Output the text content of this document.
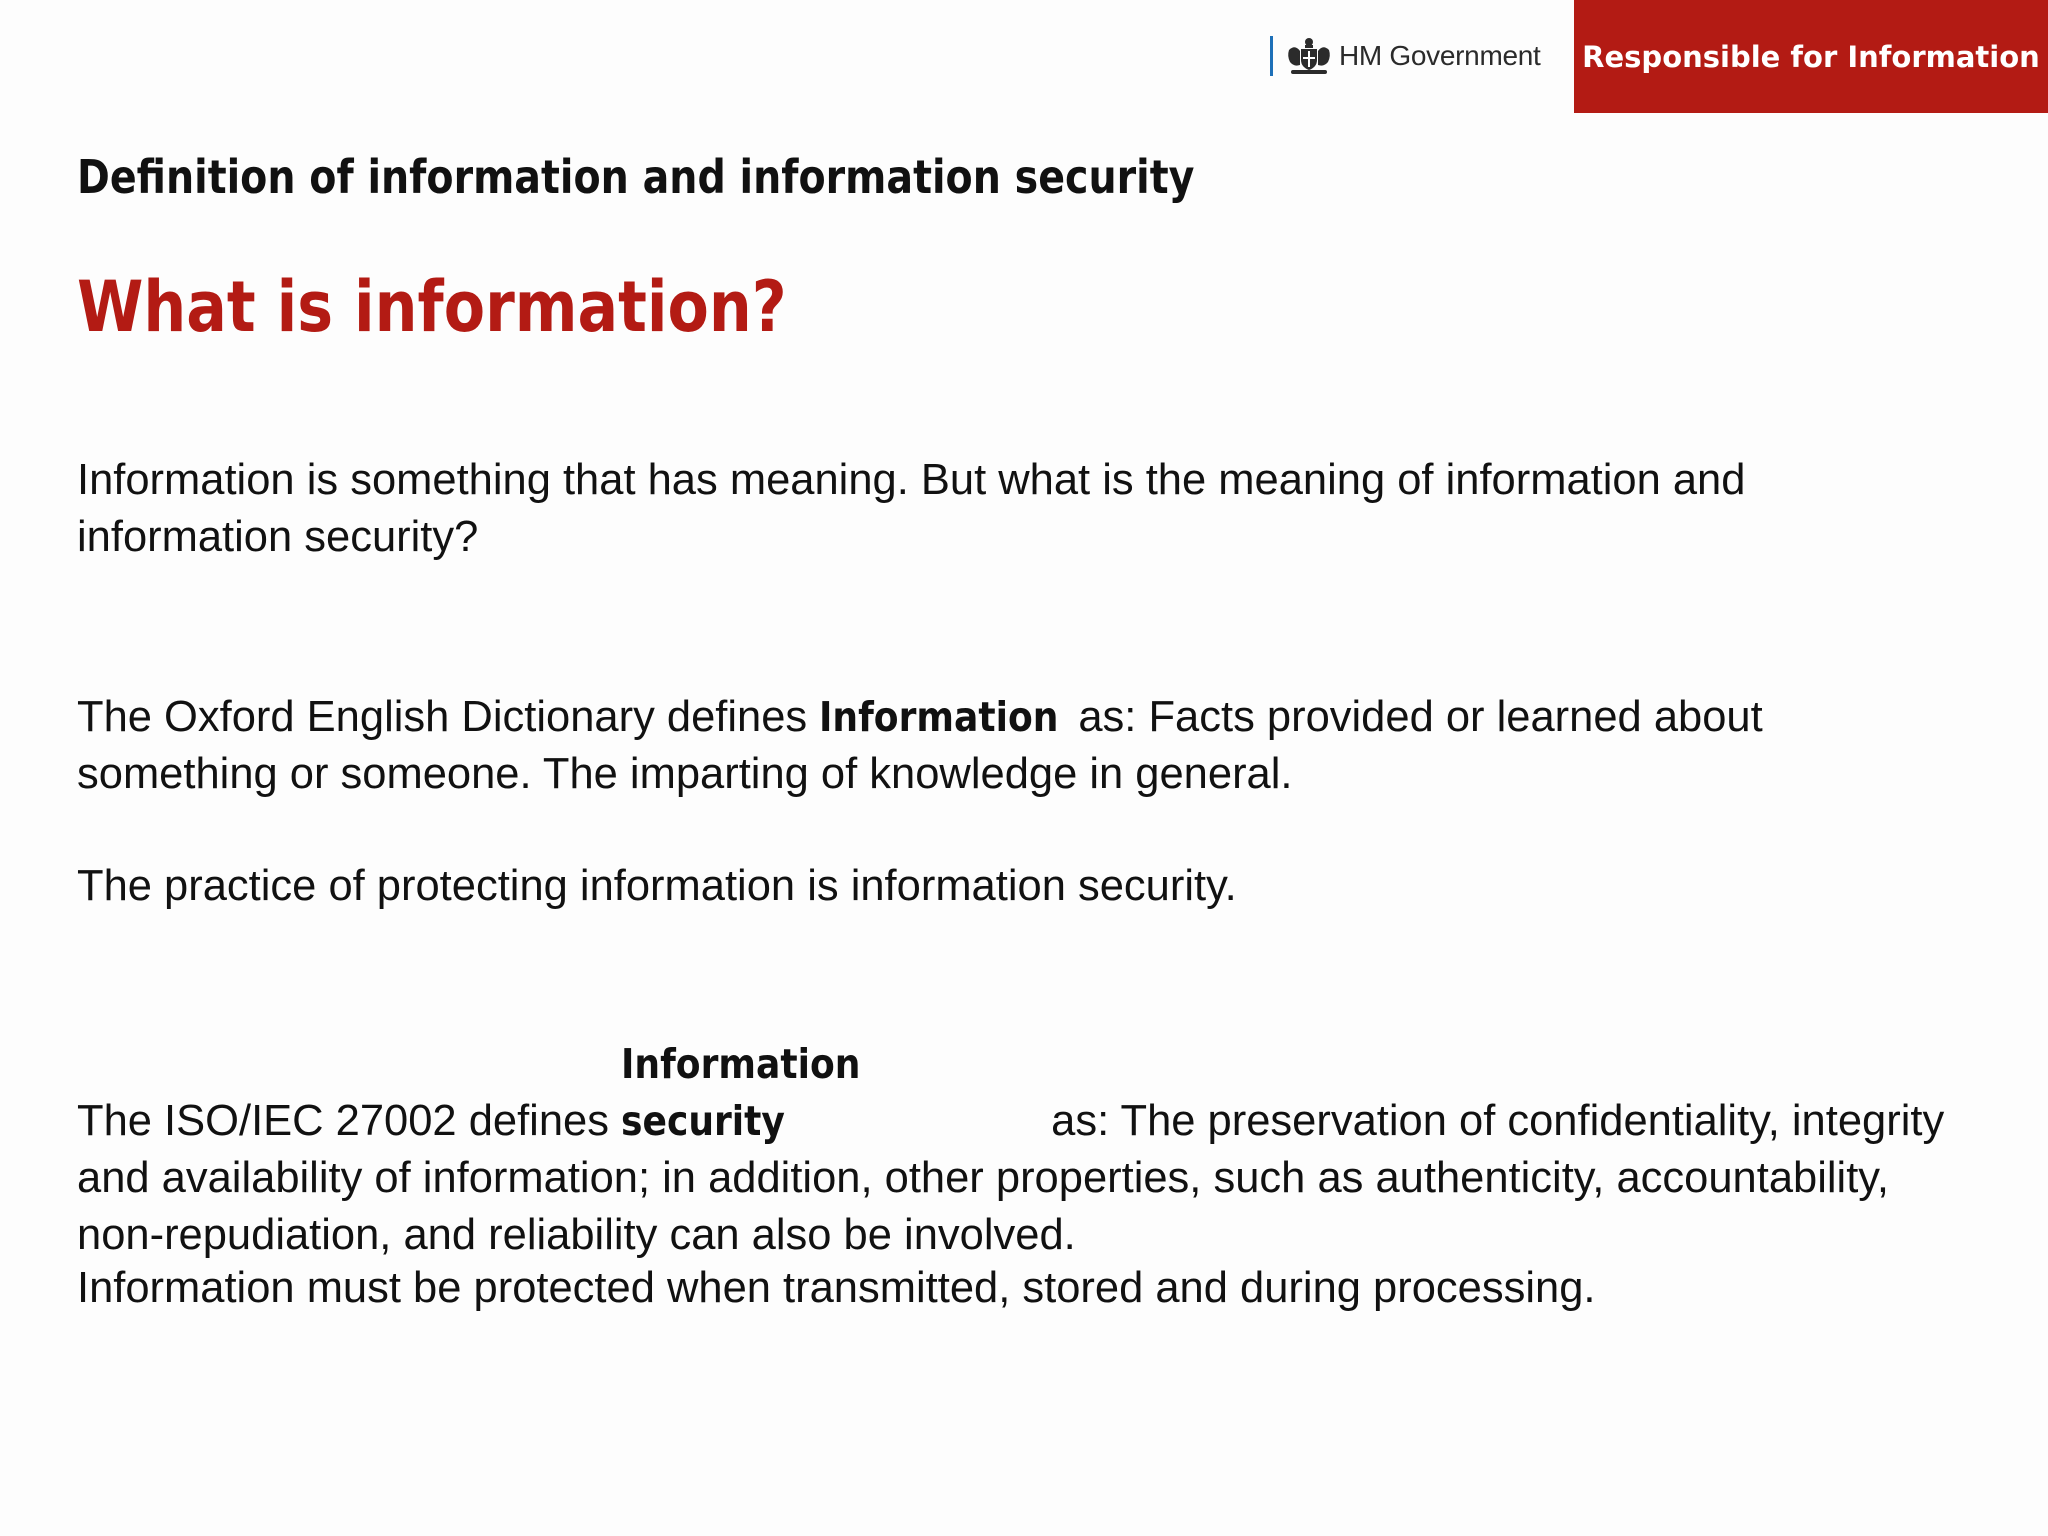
HM Government Responsible for Information
Definition of information and information security
What is information?

Information is something that has meaning. But what is the meaning of information and information security?

The Oxford English Dictionary defines Information as: Facts provided or learned about something or someone. The imparting of knowledge in general.

The practice of protecting information is information security.

The ISO/IEC 27002 defines Information security	as: The preservation of confidentiality, integrity and availability of information; in addition, other properties, such as authenticity, accountability, non-repudiation, and reliability can also be involved.

Information must be protected when transmitted, stored and during processing.
